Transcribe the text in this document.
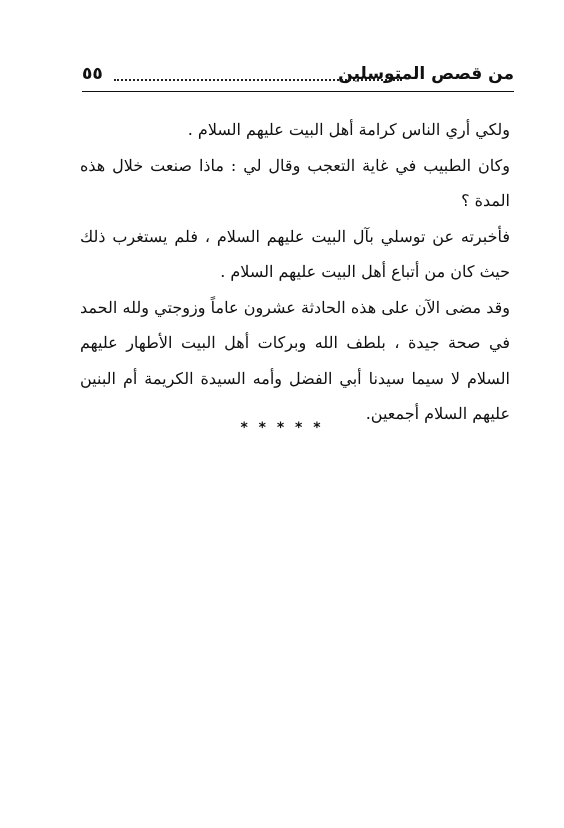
من قصص المتوسلين
٥٥

ولكي أري الناس كرامة أهل البيت عليهم السلام .

وكان الطبيب في غاية التعجب وقال لي : ماذا صنعت خلال هذه المدة ؟

فأخبرته عن توسلي بآل البيت عليهم السلام ، فلم يستغرب ذلك حيث كان من أتباع أهل البيت عليهم السلام .

وقد مضى الآن على هذه الحادثة عشرون عاماً وزوجتي ولله الحمد في صحة جيدة ، بلطف الله وبركات أهل البيت الأطهار عليهم السلام لا سيما سيدنا أبي الفضل وأمه السيدة الكريمة أم البنين عليهم السلام أجمعين.

* * * * *
